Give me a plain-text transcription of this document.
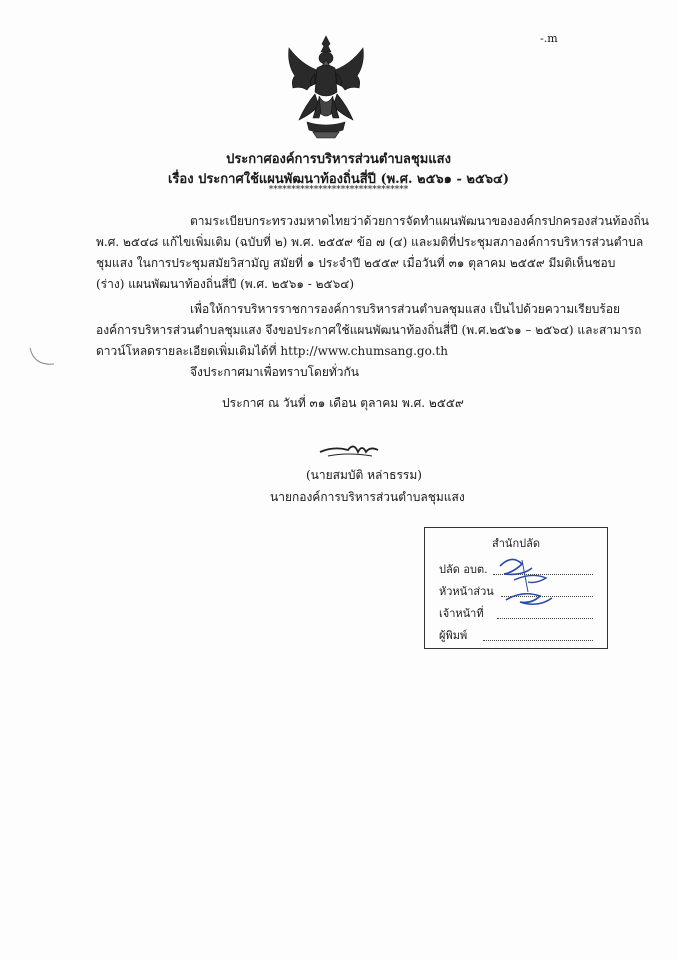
-.m
ประกาศองค์การบริหารส่วนตำบลชุมแสง
เรื่อง ประกาศใช้แผนพัฒนาท้องถิ่นสี่ปี (พ.ศ. ๒๕๖๑ - ๒๕๖๔)
*******************************
ตามระเบียบกระทรวงมหาดไทยว่าด้วยการจัดทำแผนพัฒนาขององค์กรปกครองส่วนท้องถิ่น
พ.ศ. ๒๕๔๘ แก้ไขเพิ่มเติม (ฉบับที่ ๒) พ.ศ. ๒๕๕๙ ข้อ ๗ (๔) และมติที่ประชุมสภาองค์การบริหารส่วนตำบล
ชุมแสง ในการประชุมสมัยวิสามัญ สมัยที่ ๑ ประจำปี ๒๕๕๙ เมื่อวันที่ ๓๑ ตุลาคม ๒๕๕๙ มีมติเห็นชอบ
(ร่าง) แผนพัฒนาท้องถิ่นสี่ปี (พ.ศ. ๒๕๖๑ - ๒๕๖๔)
เพื่อให้การบริหารราชการองค์การบริหารส่วนตำบลชุมแสง เป็นไปด้วยความเรียบร้อย
องค์การบริหารส่วนตำบลชุมแสง จึงขอประกาศใช้แผนพัฒนาท้องถิ่นสี่ปี (พ.ศ.๒๕๖๑ – ๒๕๖๔) และสามารถ
ดาวน์โหลดรายละเอียดเพิ่มเติมได้ที่ http://www.chumsang.go.th
จึงประกาศมาเพื่อทราบโดยทั่วกัน
ประกาศ ณ วันที่ ๓๑ เดือน ตุลาคม พ.ศ. ๒๕๕๙
(นายสมบัติ หล่าธรรม)
นายกองค์การบริหารส่วนตำบลชุมแสง
สำนักปลัด
ปลัด อบต.
หัวหน้าส่วน
เจ้าหน้าที่
ผู้พิมพ์
